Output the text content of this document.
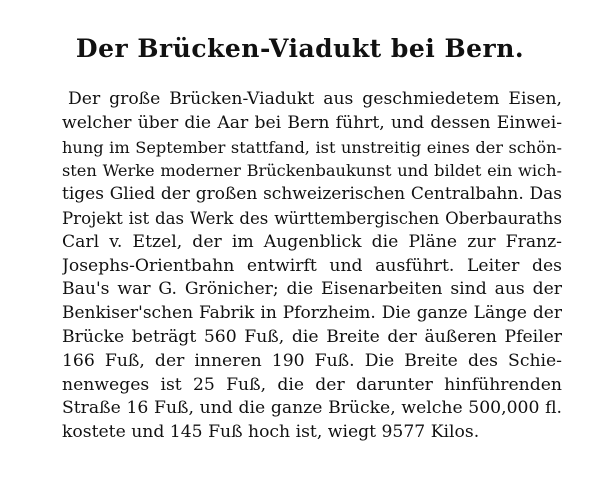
Der Brücken-Viadukt bei Bern.
Der große Brücken-Viadukt aus geschmiedetem Eisen,
welcher über die Aar bei Bern führt, und dessen Einwei-
hung im September stattfand, ist unstreitig eines der schön-
sten Werke moderner Brückenbaukunst und bildet ein wich-
tiges Glied der großen schweizerischen Centralbahn. Das
Projekt ist das Werk des württembergischen Oberbauraths
Carl v. Etzel, der im Augenblick die Pläne zur Franz-
Josephs-Orientbahn entwirft und ausführt. Leiter des
Bau's war G. Grönicher; die Eisenarbeiten sind aus der
Benkiser'schen Fabrik in Pforzheim. Die ganze Länge der
Brücke beträgt 560 Fuß, die Breite der äußeren Pfeiler
166 Fuß, der inneren 190 Fuß. Die Breite des Schie-
nenweges ist 25 Fuß, die der darunter hinführenden
Straße 16 Fuß, und die ganze Brücke, welche 500,000 fl.
kostete und 145 Fuß hoch ist, wiegt 9577 Kilos.
